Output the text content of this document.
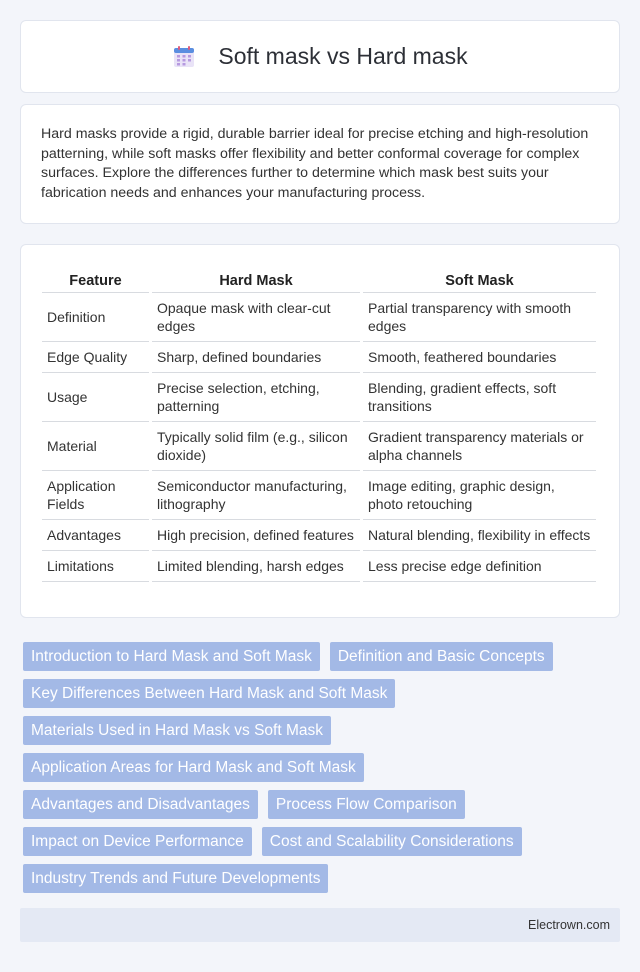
Soft mask vs Hard mask

Hard masks provide a rigid, durable barrier ideal for precise etching and high-resolution patterning, while soft masks offer flexibility and better conformal coverage for complex surfaces. Explore the differences further to determine which mask best suits your fabrication needs and enhances your manufacturing process.

Feature	Hard Mask	Soft Mask
Definition	Opaque mask with clear-cut edges	Partial transparency with smooth edges
Edge Quality	Sharp, defined boundaries	Smooth, feathered boundaries
Usage	Precise selection, etching, patterning	Blending, gradient effects, soft transitions
Material	Typically solid film (e.g., silicon dioxide)	Gradient transparency materials or alpha channels
Application Fields	Semiconductor manufacturing, lithography	Image editing, graphic design, photo retouching
Advantages	High precision, defined features	Natural blending, flexibility in effects
Limitations	Limited blending, harsh edges	Less precise edge definition
Introduction to Hard Mask and Soft Mask	Definition and Basic Concepts
Key Differences Between Hard Mask and Soft Mask
Materials Used in Hard Mask vs Soft Mask
Application Areas for Hard Mask and Soft Mask
Advantages and Disadvantages	Process Flow Comparison
Impact on Device Performance	Cost and Scalability Considerations
Industry Trends and Future Developments
Electrown.com
